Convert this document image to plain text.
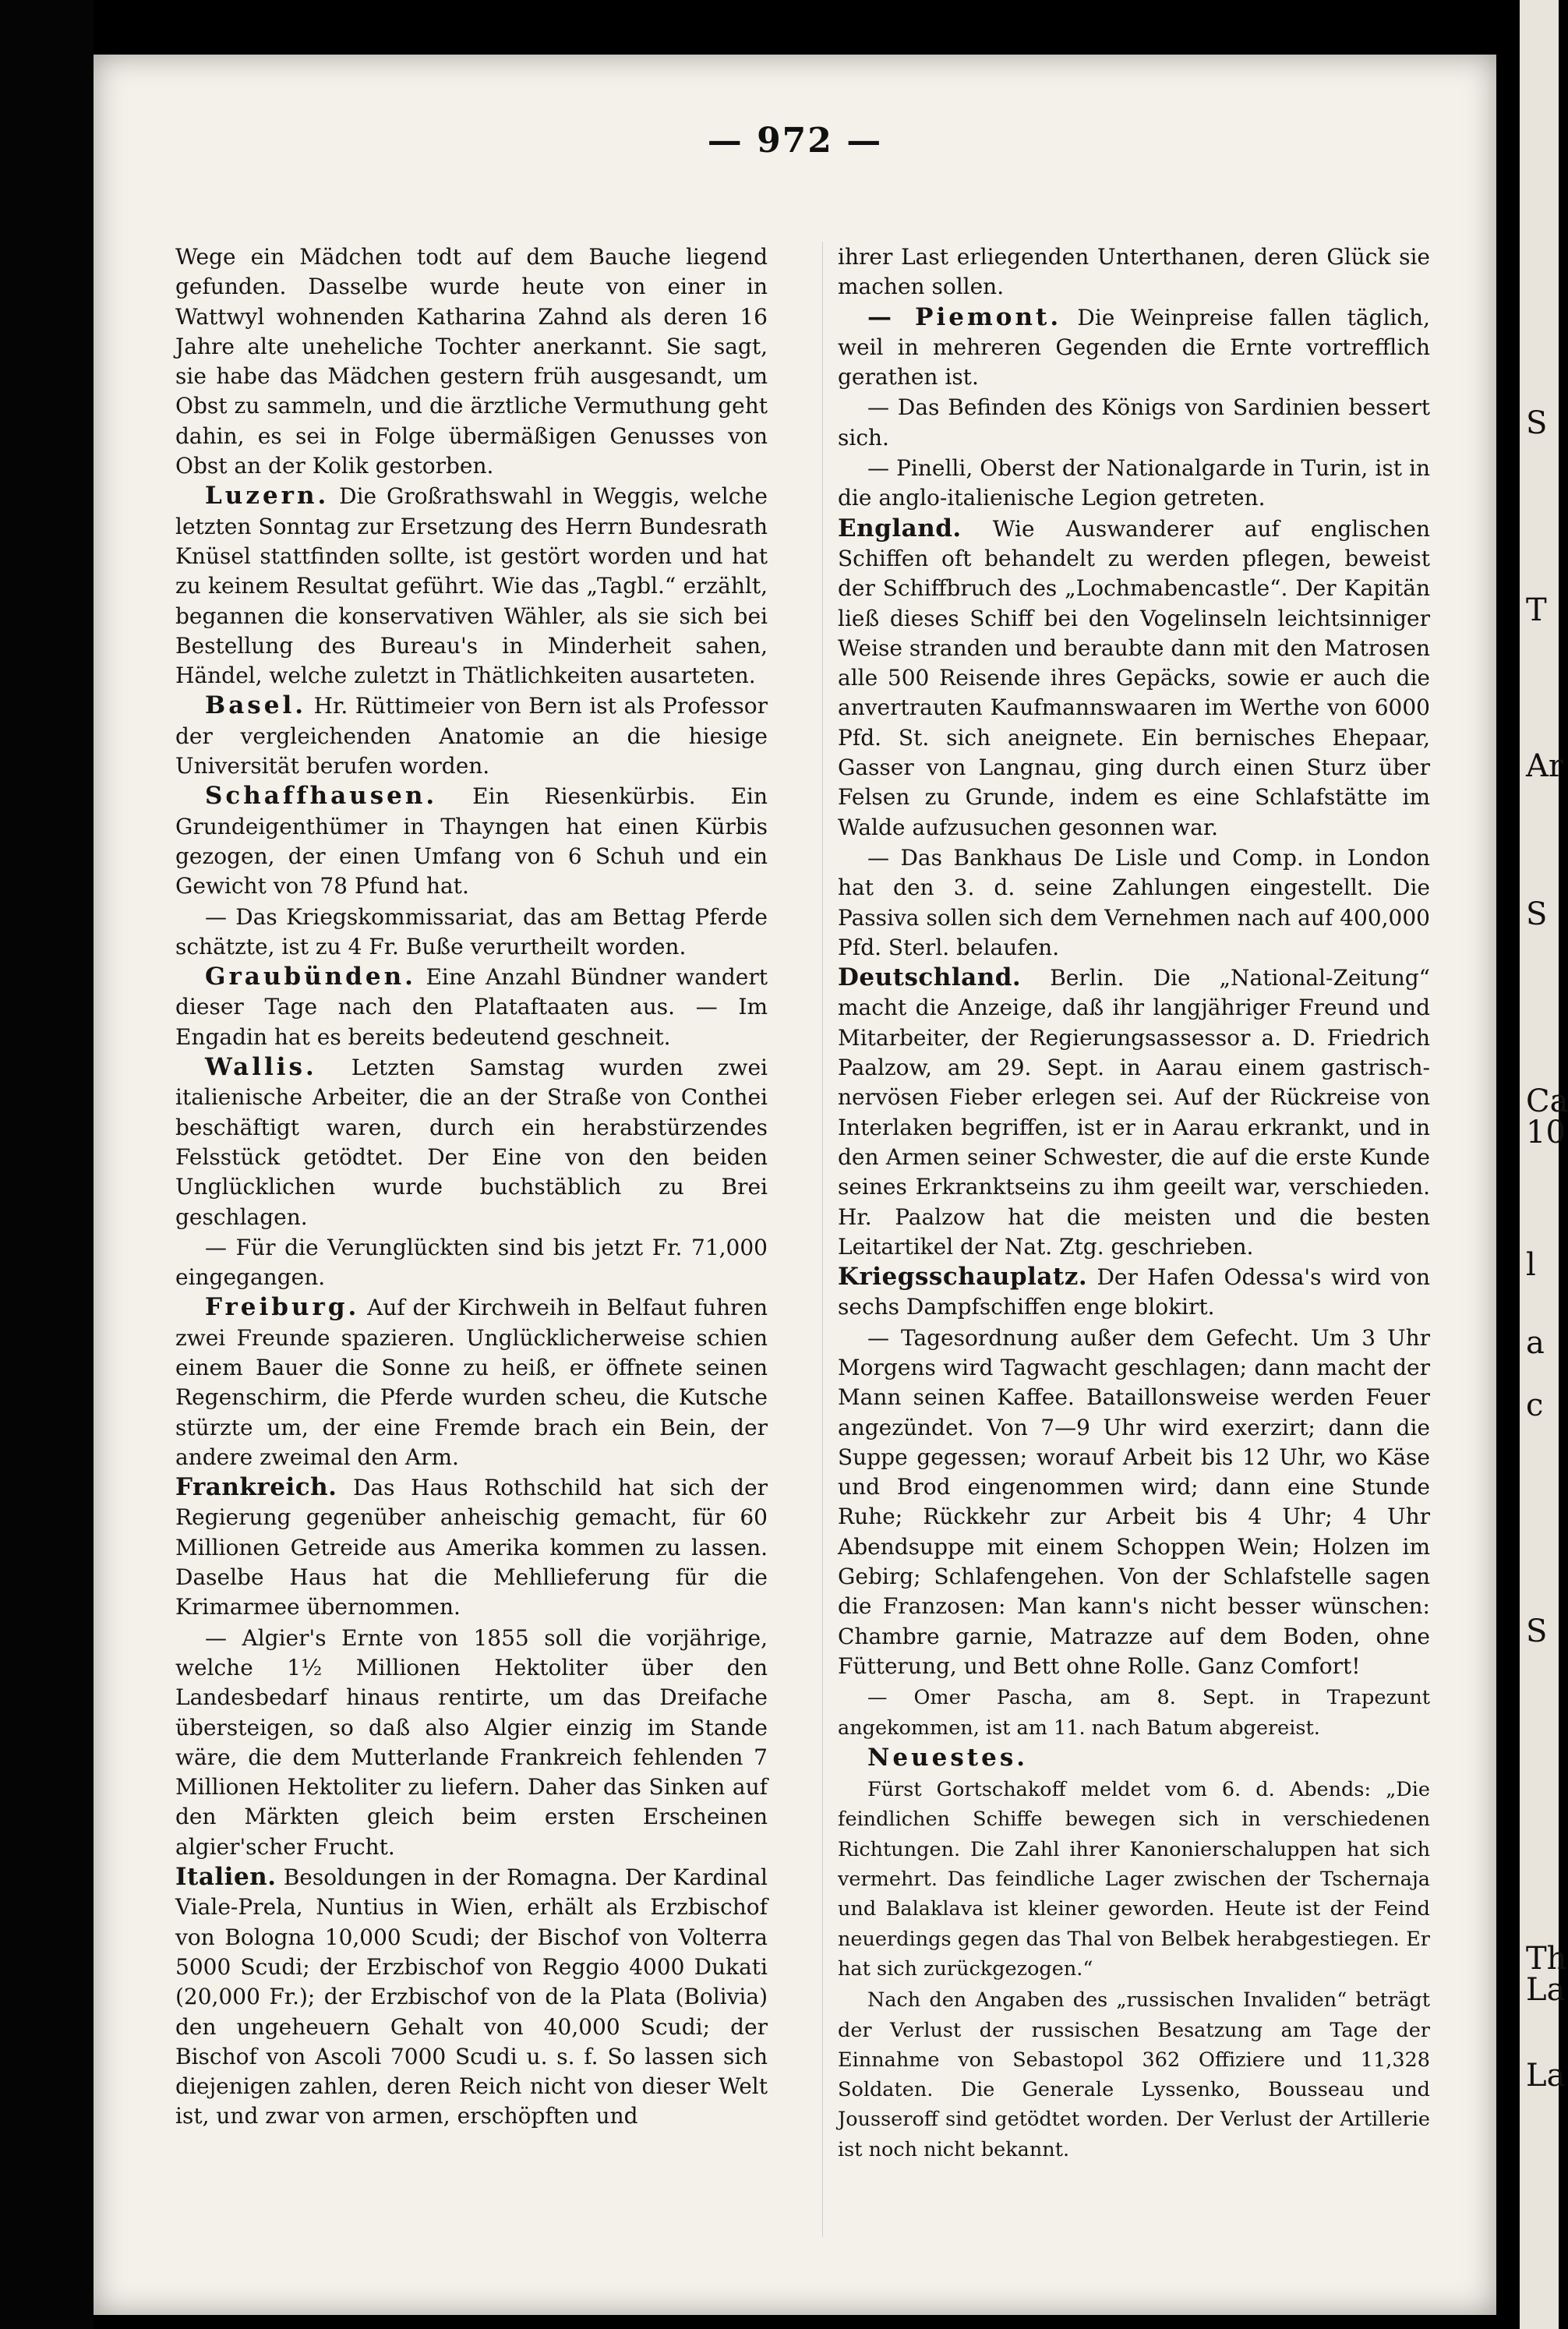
— 972 —

Wege ein Mädchen todt auf dem Bauche liegend gefunden. Dasselbe wurde heute von einer in Wattwyl wohnenden Katharina Zahnd als deren 16 Jahre alte uneheliche Tochter anerkannt. Sie sagt, sie habe das Mädchen gestern früh ausgesandt, um Obst zu sammeln, und die ärztliche Vermuthung geht dahin, es sei in Folge übermäßigen Genusses von Obst an der Kolik gestorben.

Luzern. Die Großrathswahl in Weggis, welche letzten Sonntag zur Ersetzung des Herrn Bundesrath Knüsel stattfinden sollte, ist gestört worden und hat zu keinem Resultat geführt. Wie das „Tagbl.“ erzählt, begannen die konservativen Wähler, als sie sich bei Bestellung des Bureau's in Minderheit sahen, Händel, welche zuletzt in Thätlichkeiten ausarteten.

Basel. Hr. Rüttimeier von Bern ist als Professor der vergleichenden Anatomie an die hiesige Universität berufen worden.

Schaffhausen. Ein Riesenkürbis. Ein Grundeigenthümer in Thayngen hat einen Kürbis gezogen, der einen Umfang von 6 Schuh und ein Gewicht von 78 Pfund hat.

— Das Kriegskommissariat, das am Bettag Pferde schätzte, ist zu 4 Fr. Buße verurtheilt worden.

Graubünden. Eine Anzahl Bündner wandert dieser Tage nach den Plataftaaten aus. — Im Engadin hat es bereits bedeutend geschneit.

Wallis. Letzten Samstag wurden zwei italienische Arbeiter, die an der Straße von Conthei beschäftigt waren, durch ein herabstürzendes Felsstück getödtet. Der Eine von den beiden Unglücklichen wurde buchstäblich zu Brei geschlagen.

— Für die Verunglückten sind bis jetzt Fr. 71,000 eingegangen.

Freiburg. Auf der Kirchweih in Belfaut fuhren zwei Freunde spazieren. Unglücklicherweise schien einem Bauer die Sonne zu heiß, er öffnete seinen Regenschirm, die Pferde wurden scheu, die Kutsche stürzte um, der eine Fremde brach ein Bein, der andere zweimal den Arm.

Frankreich. Das Haus Rothschild hat sich der Regierung gegenüber anheischig gemacht, für 60 Millionen Getreide aus Amerika kommen zu lassen. Daselbe Haus hat die Mehllieferung für die Krimarmee übernommen.

— Algier's Ernte von 1855 soll die vorjährige, welche 1½ Millionen Hektoliter über den Landesbedarf hinaus rentirte, um das Dreifache übersteigen, so daß also Algier einzig im Stande wäre, die dem Mutterlande Frankreich fehlenden 7 Millionen Hektoliter zu liefern. Daher das Sinken auf den Märkten gleich beim ersten Erscheinen algier'scher Frucht.

Italien. Besoldungen in der Romagna. Der Kardinal Viale-Prela, Nuntius in Wien, erhält als Erzbischof von Bologna 10,000 Scudi; der Bischof von Volterra 5000 Scudi; der Erzbischof von Reggio 4000 Dukati (20,000 Fr.); der Erzbischof von de la Plata (Bolivia) den ungeheuern Gehalt von 40,000 Scudi; der Bischof von Ascoli 7000 Scudi u. s. f. So lassen sich diejenigen zahlen, deren Reich nicht von dieser Welt ist, und zwar von armen, erschöpften und

ihrer Last erliegenden Unterthanen, deren Glück sie machen sollen.

— Piemont. Die Weinpreise fallen täglich, weil in mehreren Gegenden die Ernte vortrefflich gerathen ist.

— Das Befinden des Königs von Sardinien bessert sich.

— Pinelli, Oberst der Nationalgarde in Turin, ist in die anglo-italienische Legion getreten.

England. Wie Auswanderer auf englischen Schiffen oft behandelt zu werden pflegen, beweist der Schiffbruch des „Lochmabencastle“. Der Kapitän ließ dieses Schiff bei den Vogelinseln leichtsinniger Weise stranden und beraubte dann mit den Matrosen alle 500 Reisende ihres Gepäcks, sowie er auch die anvertrauten Kaufmannswaaren im Werthe von 6000 Pfd. St. sich aneignete. Ein bernisches Ehepaar, Gasser von Langnau, ging durch einen Sturz über Felsen zu Grunde, indem es eine Schlafstätte im Walde aufzusuchen gesonnen war.

— Das Bankhaus De Lisle und Comp. in London hat den 3. d. seine Zahlungen eingestellt. Die Passiva sollen sich dem Vernehmen nach auf 400,000 Pfd. Sterl. belaufen.

Deutschland. Berlin. Die „National-Zeitung“ macht die Anzeige, daß ihr langjähriger Freund und Mitarbeiter, der Regierungsassessor a. D. Friedrich Paalzow, am 29. Sept. in Aarau einem gastrisch-nervösen Fieber erlegen sei. Auf der Rückreise von Interlaken begriffen, ist er in Aarau erkrankt, und in den Armen seiner Schwester, die auf die erste Kunde seines Erkranktseins zu ihm geeilt war, verschieden. Hr. Paalzow hat die meisten und die besten Leitartikel der Nat. Ztg. geschrieben.

Kriegsschauplatz. Der Hafen Odessa's wird von sechs Dampfschiffen enge blokirt.

— Tagesordnung außer dem Gefecht. Um 3 Uhr Morgens wird Tagwacht geschlagen; dann macht der Mann seinen Kaffee. Bataillonsweise werden Feuer angezündet. Von 7—9 Uhr wird exerzirt; dann die Suppe gegessen; worauf Arbeit bis 12 Uhr, wo Käse und Brod eingenommen wird; dann eine Stunde Ruhe; Rückkehr zur Arbeit bis 4 Uhr; 4 Uhr Abendsuppe mit einem Schoppen Wein; Holzen im Gebirg; Schlafengehen. Von der Schlafstelle sagen die Franzosen: Man kann's nicht besser wünschen: Chambre garnie, Matrazze auf dem Boden, ohne Fütterung, und Bett ohne Rolle. Ganz Comfort!

— Omer Pascha, am 8. Sept. in Trapezunt angekommen, ist am 11. nach Batum abgereist.

Neuestes.

Fürst Gortschakoff meldet vom 6. d. Abends: „Die feindlichen Schiffe bewegen sich in verschiedenen Richtungen. Die Zahl ihrer Kanonierschaluppen hat sich vermehrt. Das feindliche Lager zwischen der Tschernaja und Balaklava ist kleiner geworden. Heute ist der Feind neuerdings gegen das Thal von Belbek herabgestiegen. Er hat sich zurückgezogen.“

Nach den Angaben des „russischen Invaliden“ beträgt der Verlust der russischen Besatzung am Tage der Einnahme von Sebastopol 362 Offiziere und 11,328 Soldaten. Die Generale Lyssenko, Bousseau und Jousseroff sind getödtet worden. Der Verlust der Artillerie ist noch nicht bekannt.

S
T
Ar
S
Ca
10
l
a
c
S
Th
La
La
